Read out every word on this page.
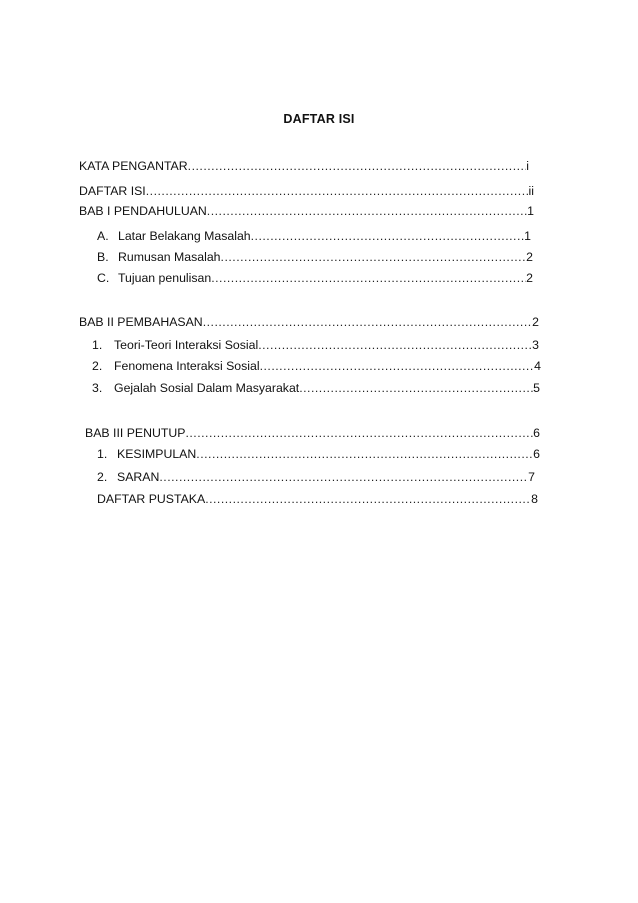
DAFTAR ISI
KATA PENGANTAR .....	i
DAFTAR ISI .....	ii
BAB I PENDAHULUAN .....	1
A. Latar Belakang Masalah .....	1
B. Rumusan Masalah .....	2
C. Tujuan penulisan .....	2
BAB II PEMBAHASAN .....	2
1. Teori-Teori Interaksi Sosial .....	3
2. Fenomena Interaksi Sosial .....	4
3. Gejalah Sosial Dalam Masyarakat .....	5
BAB III PENUTUP .....	6
1. KESIMPULAN .....	6
2. SARAN .....	7
DAFTAR PUSTAKA .....	8
